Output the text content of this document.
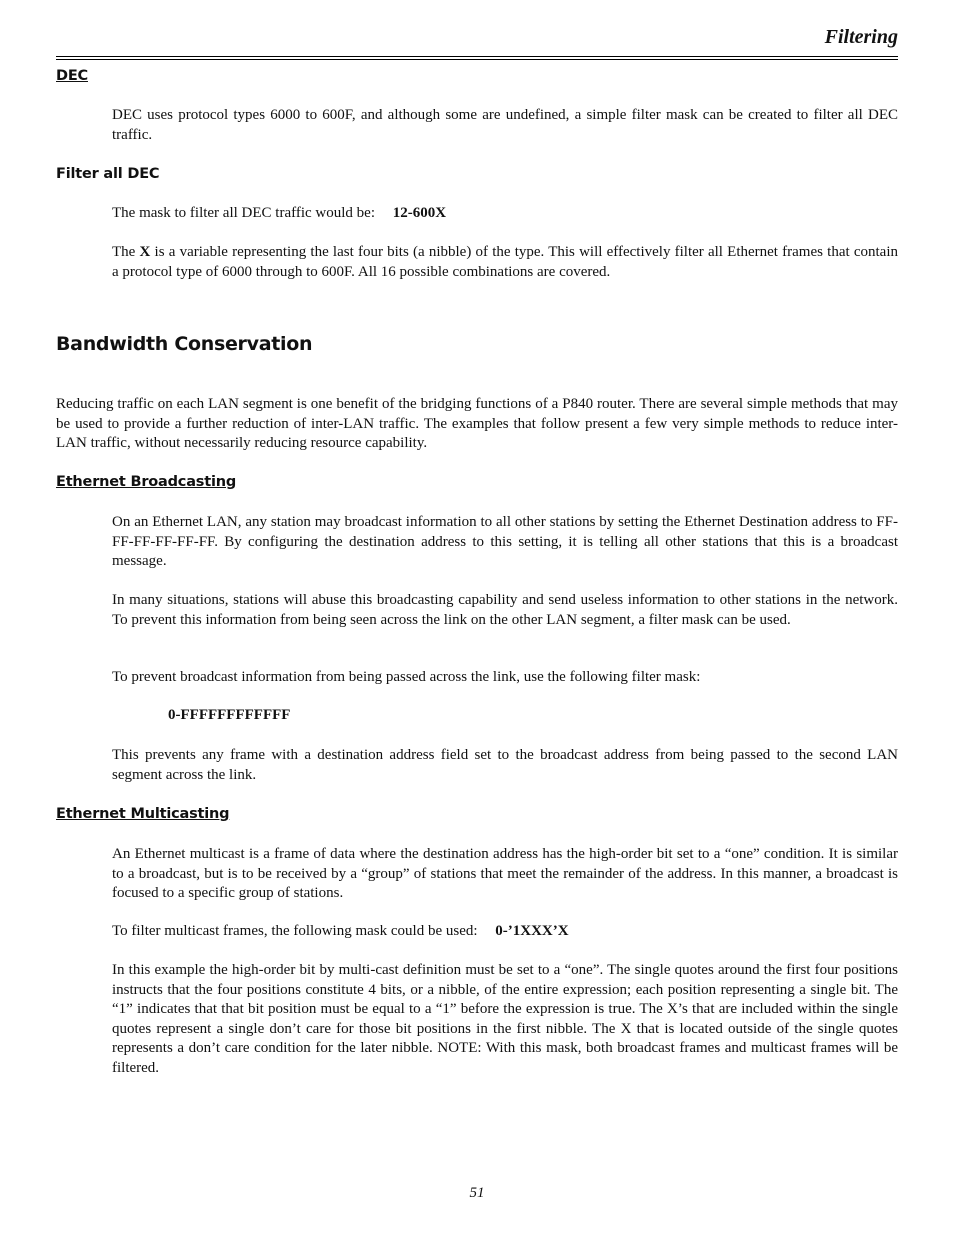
Filtering
DEC
DEC uses protocol types 6000 to 600F, and although some are undefined, a simple filter mask can be created to filter all DEC traffic.
Filter all DEC
The mask to filter all DEC traffic would be: 12-600X
The X is a variable representing the last four bits (a nibble) of the type. This will effectively filter all Ethernet frames that contain a protocol type of 6000 through to 600F. All 16 possible combinations are covered.
Bandwidth Conservation
Reducing traffic on each LAN segment is one benefit of the bridging functions of a P840 router. There are several simple methods that may be used to provide a further reduction of inter-LAN traffic. The examples that follow present a few very simple methods to reduce inter-LAN traffic, without necessarily reducing resource capability.
Ethernet Broadcasting
On an Ethernet LAN, any station may broadcast information to all other stations by setting the Ethernet Destination address to FF-FF-FF-FF-FF-FF. By configuring the destination address to this setting, it is telling all other stations that this is a broadcast message.
In many situations, stations will abuse this broadcasting capability and send useless information to other stations in the network. To prevent this information from being seen across the link on the other LAN segment, a filter mask can be used.
To prevent broadcast information from being passed across the link, use the following filter mask:
0-FFFFFFFFFFFF
This prevents any frame with a destination address field set to the broadcast address from being passed to the second LAN segment across the link.
Ethernet Multicasting
An Ethernet multicast is a frame of data where the destination address has the high-order bit set to a “one” condition. It is similar to a broadcast, but is to be received by a “group” of stations that meet the remainder of the address. In this manner, a broadcast is focused to a specific group of stations.
To filter multicast frames, the following mask could be used: 0-’1XXX’X
In this example the high-order bit by multi-cast definition must be set to a “one”. The single quotes around the first four positions instructs that the four positions constitute 4 bits, or a nibble, of the entire expression; each position representing a single bit. The “1” indicates that that bit position must be equal to a “1” before the expression is true. The X’s that are included within the single quotes represent a single don’t care for those bit positions in the first nibble. The X that is located outside of the single quotes represents a don’t care condition for the later nibble. NOTE: With this mask, both broadcast frames and multicast frames will be filtered.
51
